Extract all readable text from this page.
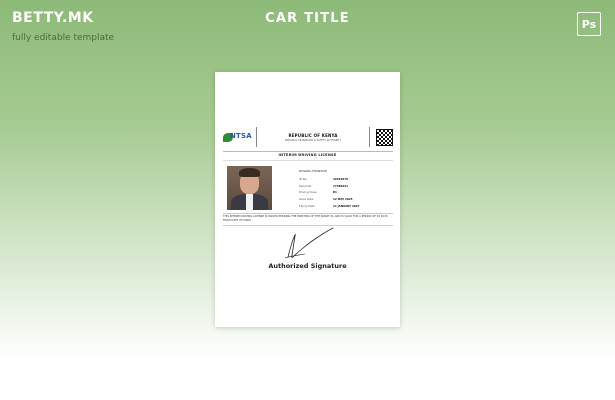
BETTY.MK
fully editable template
CAR TITLE	Ps
NTSA	REPUBLIC OF KENYA
NATIONAL TRANSPORT & SAFETY AUTHORITY
INTERIM DRIVING LICENSE
ROWAN ATKINSON
ID No.	32916678
Serial No.	77389421
Driving Class	B1
Issue Date	12 MAY 2025
Expiry Date	11 JANUARY 2027
THIS INTERIM DRIVING LICENSE IS ISSUED PENDING THE PRINTING OF THE SMART DL AND IS VALID FOR A PERIOD OF 30 DAYS FROM DATE OF ISSUE
Authorized Signature
